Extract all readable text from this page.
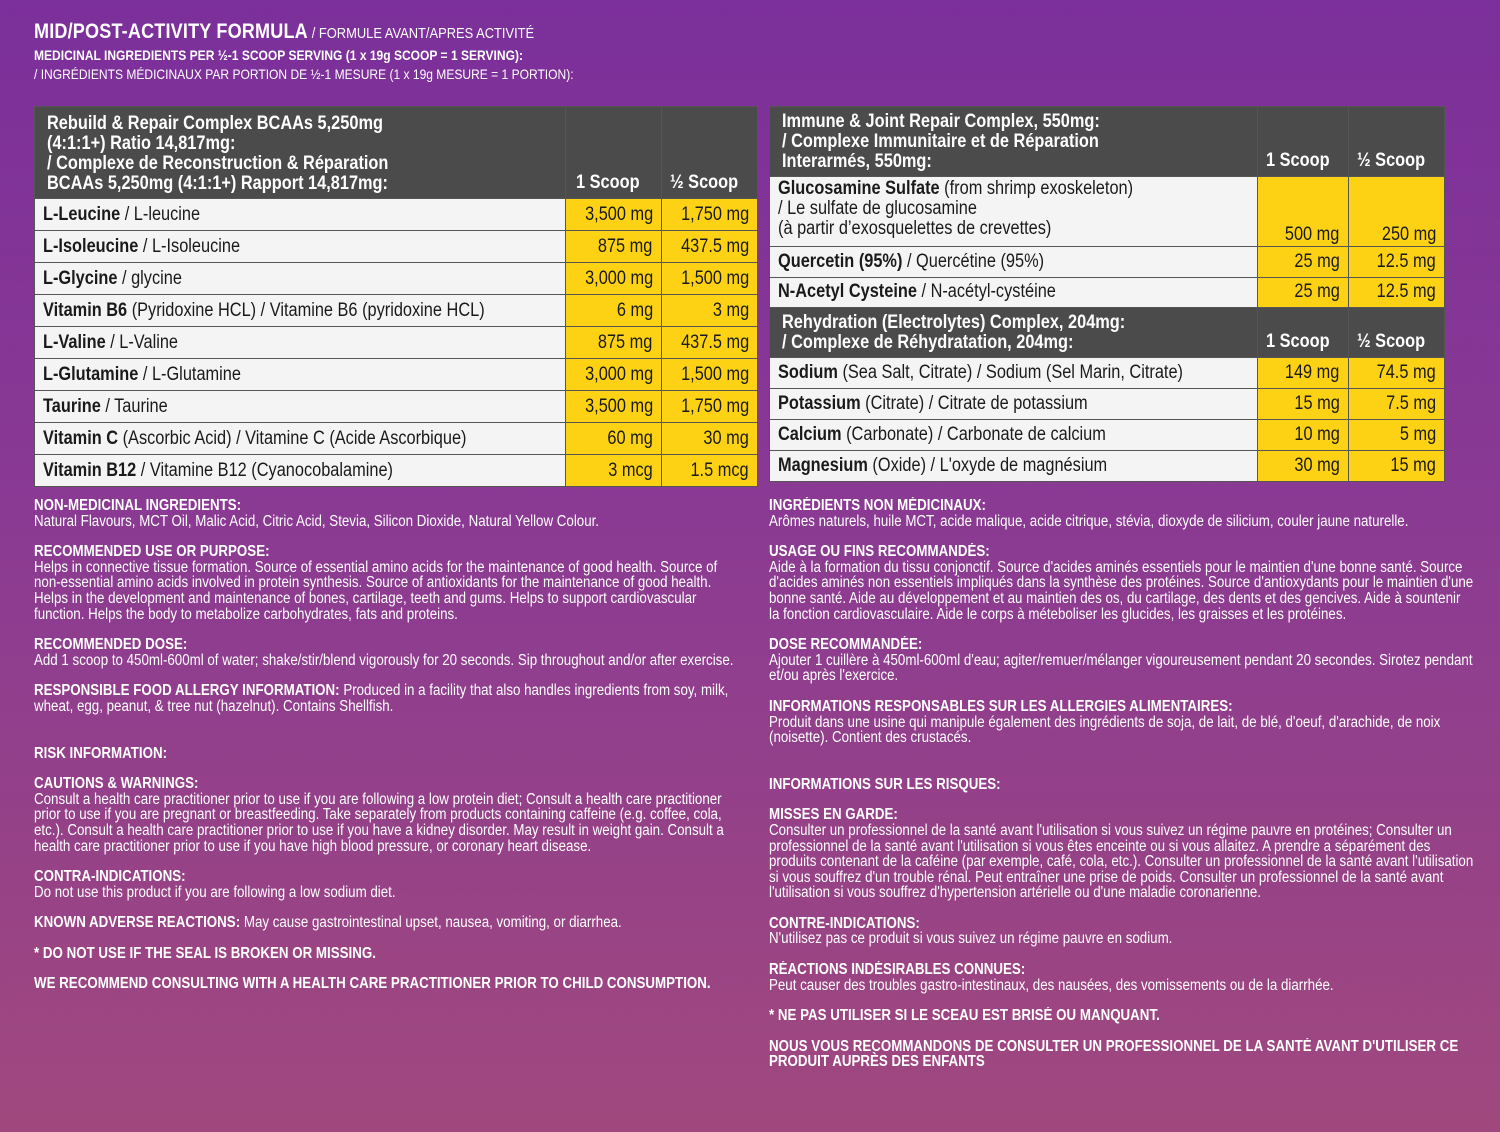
MID/POST-ACTIVITY FORMULA / FORMULE AVANT/APRES ACTIVITÉ
MEDICINAL INGREDIENTS PER ½-1 SCOOP SERVING (1 x 19g SCOOP = 1 SERVING):
/ INGRÉDIENTS MÉDICINAUX PAR PORTION DE ½-1 MESURE (1 x 19g MESURE = 1 PORTION):
Rebuild & Repair Complex BCAAs 5,250mg
(4:1:1+) Ratio 14,817mg:
/ Complexe de Reconstruction & Réparation
BCAAs 5,250mg (4:1:1+) Rapport 14,817mg:	1 Scoop	½ Scoop
L-Leucine / L-leucine	3,500 mg	1,750 mg
L-Isoleucine / L-Isoleucine	875 mg	437.5 mg
L-Glycine / glycine	3,000 mg	1,500 mg
Vitamin B6 (Pyridoxine HCL) / Vitamine B6 (pyridoxine HCL)	6 mg	3 mg
L-Valine / L-Valine	875 mg	437.5 mg
L-Glutamine / L-Glutamine	3,000 mg	1,500 mg
Taurine / Taurine	3,500 mg	1,750 mg
Vitamin C (Ascorbic Acid) / Vitamine C (Acide Ascorbique)	60 mg	30 mg
Vitamin B12 / Vitamine B12 (Cyanocobalamine)	3 mcg	1.5 mcg
Immune & Joint Repair Complex, 550mg:
/ Complexe Immunitaire et de Réparation
Interarmés, 550mg:	1 Scoop	½ Scoop

Glucosamine Sulfate (from shrimp exoskeleton)
/ Le sulfate de glucosamine
(à partir d’exosquelettes de crevettes)	500 mg	250 mg
Quercetin (95%) / Quercétine (95%)	25 mg	12.5 mg
N-Acetyl Cysteine / N-acétyl-cystéine	25 mg	12.5 mg

Rehydration (Electrolytes) Complex, 204mg:
/ Complexe de Réhydratation, 204mg:	1 Scoop	½ Scoop
Sodium (Sea Salt, Citrate) / Sodium (Sel Marin, Citrate)	149 mg	74.5 mg
Potassium (Citrate) / Citrate de potassium	15 mg	7.5 mg
Calcium (Carbonate) / Carbonate de calcium	10 mg	5 mg
Magnesium (Oxide) / L'oxyde de magnésium	30 mg	15 mg
NON-MEDICINAL INGREDIENTS:
Natural Flavours, MCT Oil, Malic Acid, Citric Acid, Stevia, Silicon Dioxide, Natural Yellow Colour.
RECOMMENDED USE OR PURPOSE:
Helps in connective tissue formation. Source of essential amino acids for the maintenance of good health. Source of non-essential amino acids involved in protein synthesis. Source of antioxidants for the maintenance of good health. Helps in the development and maintenance of bones, cartilage, teeth and gums. Helps to support cardiovascular function. Helps the body to metabolize carbohydrates, fats and proteins.
RECOMMENDED DOSE:
Add 1 scoop to 450ml-600ml of water; shake/stir/blend vigorously for 20 seconds. Sip throughout and/or after exercise.
RESPONSIBLE FOOD ALLERGY INFORMATION: Produced in a facility that also handles ingredients from soy, milk, wheat, egg, peanut, & tree nut (hazelnut). Contains Shellfish.
RISK INFORMATION:
CAUTIONS & WARNINGS:
Consult a health care practitioner prior to use if you are following a low protein diet; Consult a health care practitioner prior to use if you are pregnant or breastfeeding. Take separately from products containing caffeine (e.g. coffee, cola, etc.). Consult a health care practitioner prior to use if you have a kidney disorder. May result in weight gain. Consult a health care practitioner prior to use if you have high blood pressure, or coronary heart disease.
CONTRA-INDICATIONS:
Do not use this product if you are following a low sodium diet.
KNOWN ADVERSE REACTIONS: May cause gastrointestinal upset, nausea, vomiting, or diarrhea.
* DO NOT USE IF THE SEAL IS BROKEN OR MISSING.
WE RECOMMEND CONSULTING WITH A HEALTH CARE PRACTITIONER PRIOR TO CHILD CONSUMPTION.
INGRÉDIENTS NON MÉDICINAUX:
Arômes naturels, huile MCT, acide malique, acide citrique, stévia, dioxyde de silicium, couler jaune naturelle.
USAGE OU FINS RECOMMANDÉS:
Aide à la formation du tissu conjonctif. Source d'acides aminés essentiels pour le maintien d'une bonne santé. Source d'acides aminés non essentiels impliqués dans la synthèse des protéines. Source d'antioxydants pour le maintien d'une bonne santé. Aide au développement et au maintien des os, du cartilage, des dents et des gencives. Aide à sountenir la fonction cardiovasculaire. Aide le corps à méteboliser les glucides, les graisses et les protéines.
DOSE RECOMMANDÉE:
Ajouter 1 cuillère à 450ml-600ml d'eau; agiter/remuer/mélanger vigoureusement pendant 20 secondes. Sirotez pendant et/ou après l'exercice.
INFORMATIONS RESPONSABLES SUR LES ALLERGIES ALIMENTAIRES:
Produit dans une usine qui manipule également des ingrédients de soja, de lait, de blé, d'oeuf, d'arachide, de noix (noisette). Contient des crustacés.
INFORMATIONS SUR LES RISQUES:
MISSES EN GARDE:
Consulter un professionnel de la santé avant l'utilisation si vous suivez un régime pauvre en protéines; Consulter un professionnel de la santé avant l'utilisation si vous êtes enceinte ou si vous allaitez. A prendre a séparément des produits contenant de la caféine (par exemple, café, cola, etc.). Consulter un professionnel de la santé avant l'utilisation si vous souffrez d'un trouble rénal. Peut entraîner une prise de poids. Consulter un professionnel de la santé avant l'utilisation si vous souffrez d'hypertension artérielle ou d'une maladie coronarienne.
CONTRE-INDICATIONS:
N'utilisez pas ce produit si vous suivez un régime pauvre en sodium.
RÉACTIONS INDÉSIRABLES CONNUES:
Peut causer des troubles gastro-intestinaux, des nausées, des vomissements ou de la diarrhée.
* NE PAS UTILISER SI LE SCEAU EST BRISÉ OU MANQUANT.
NOUS VOUS RECOMMANDONS DE CONSULTER UN PROFESSIONNEL DE LA SANTÉ AVANT D'UTILISER CE PRODUIT AUPRÈS DES ENFANTS
